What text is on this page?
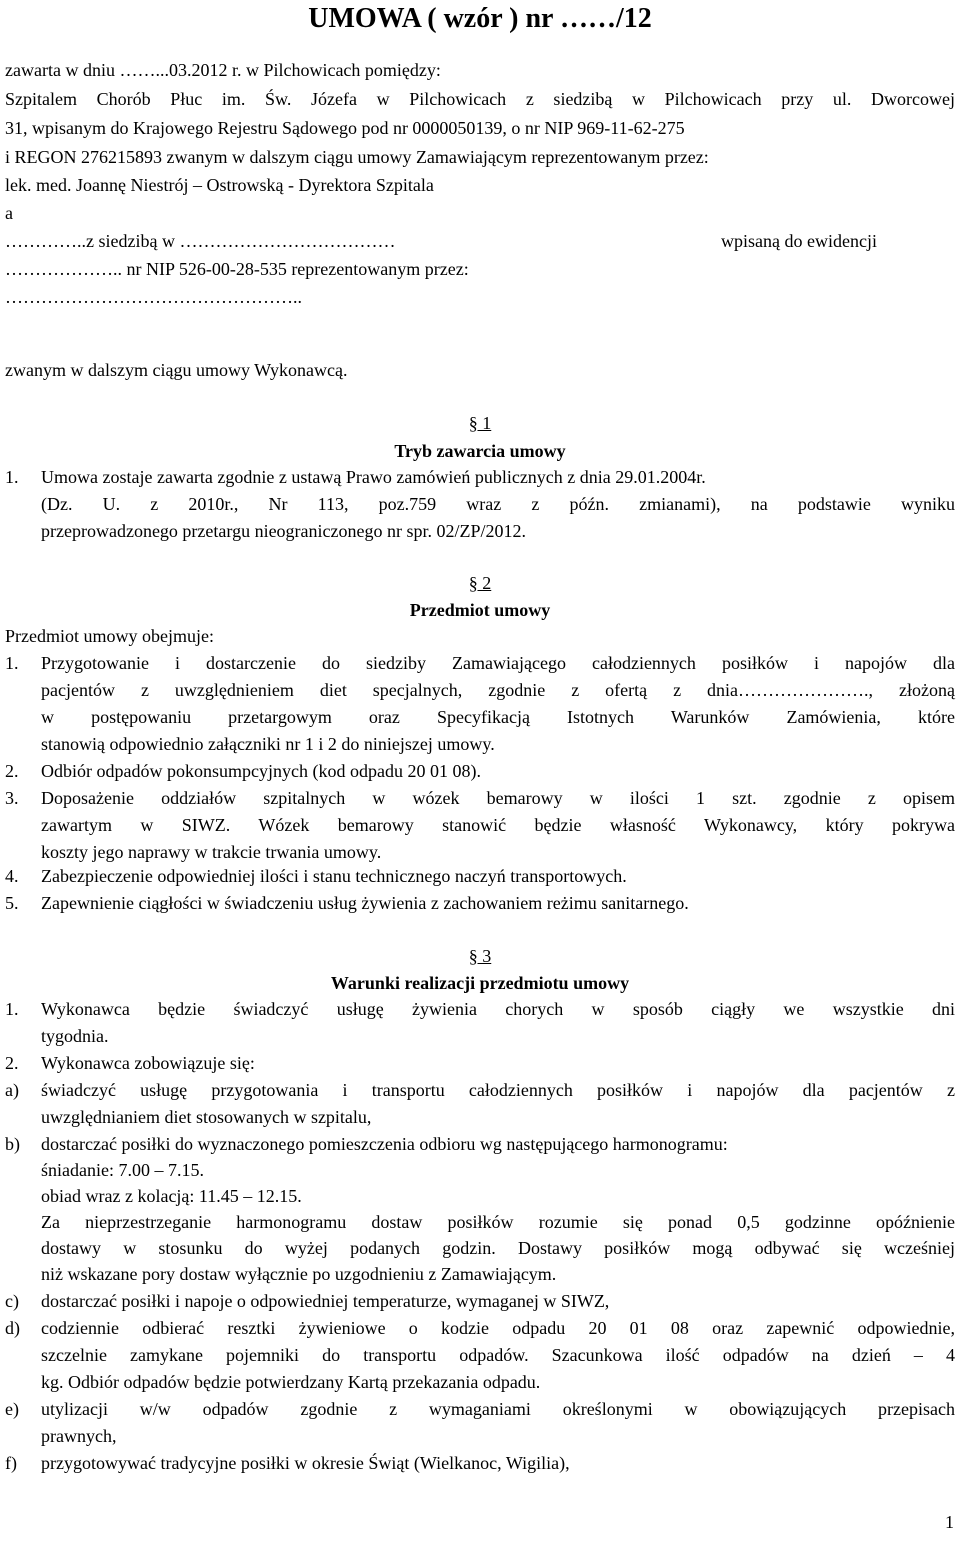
UMOWA ( wzór ) nr ……/12
zawarta w dniu ……...03.2012 r. w Pilchowicach pomiędzy:
Szpitalem Chorób Płuc im. Św. Józefa w Pilchowicach z siedzibą w Pilchowicach przy ul. Dworcowej
31, wpisanym do Krajowego Rejestru Sądowego pod nr 0000050139, o nr NIP 969-11-62-275
i REGON 276215893 zwanym w dalszym ciągu umowy Zamawiającym reprezentowanym przez:
lek. med. Joannę Niestrój – Ostrowską - Dyrektora Szpitala
a
…………..z siedzibą w ………………………………	wpisaną do ewidencji
……………….. nr NIP 526-00-28-535 reprezentowanym przez:
…………………………………………..
zwanym w dalszym ciągu umowy Wykonawcą.
§ 1
Tryb zawarcia umowy
1. Umowa zostaje zawarta zgodnie z ustawą Prawo zamówień publicznych z dnia 29.01.2004r.
(Dz. U. z 2010r., Nr 113, poz.759 wraz z późn. zmianami), na podstawie wyniku
przeprowadzonego przetargu nieograniczonego nr spr. 02/ZP/2012.
§ 2
Przedmiot umowy
Przedmiot umowy obejmuje:
1. Przygotowanie i dostarczenie do siedziby Zamawiającego całodziennych posiłków i napojów dla
pacjentów z uwzględnieniem diet specjalnych, zgodnie z ofertą z dnia…………………., złożoną
w postępowaniu przetargowym oraz Specyfikacją Istotnych Warunków Zamówienia, które
stanowią odpowiednio załączniki nr 1 i 2 do niniejszej umowy.
2. Odbiór odpadów pokonsumpcyjnych (kod odpadu 20 01 08).
3. Doposażenie oddziałów szpitalnych w wózek bemarowy w ilości 1 szt. zgodnie z opisem
zawartym w SIWZ. Wózek bemarowy stanowić będzie własność Wykonawcy, który pokrywa
koszty jego naprawy w trakcie trwania umowy.
4. Zabezpieczenie odpowiedniej ilości i stanu technicznego naczyń transportowych.
5. Zapewnienie ciągłości w świadczeniu usług żywienia z zachowaniem reżimu sanitarnego.
§ 3
Warunki realizacji przedmiotu umowy
1. Wykonawca będzie świadczyć usługę żywienia chorych w sposób ciągły we wszystkie dni
tygodnia.
2. Wykonawca zobowiązuje się:
a) świadczyć usługę przygotowania i transportu całodziennych posiłków i napojów dla pacjentów z
uwzględnianiem diet stosowanych w szpitalu,
b) dostarczać posiłki do wyznaczonego pomieszczenia odbioru wg następującego harmonogramu:
śniadanie: 7.00 – 7.15.
obiad wraz z kolacją: 11.45 – 12.15.
Za nieprzestrzeganie harmonogramu dostaw posiłków rozumie się ponad 0,5 godzinne opóźnienie
dostawy w stosunku do wyżej podanych godzin. Dostawy posiłków mogą odbywać się wcześniej
niż wskazane pory dostaw wyłącznie po uzgodnieniu z Zamawiającym.
c) dostarczać posiłki i napoje o odpowiedniej temperaturze, wymaganej w SIWZ,
d) codziennie odbierać resztki żywieniowe o kodzie odpadu 20 01 08 oraz zapewnić odpowiednie,
szczelnie zamykane pojemniki do transportu odpadów. Szacunkowa ilość odpadów na dzień – 4
kg. Odbiór odpadów będzie potwierdzany Kartą przekazania odpadu.
e) utylizacji w/w odpadów zgodnie z wymaganiami określonymi w obowiązujących przepisach
prawnych,
f) przygotowywać tradycyjne posiłki w okresie Świąt (Wielkanoc, Wigilia),
1
